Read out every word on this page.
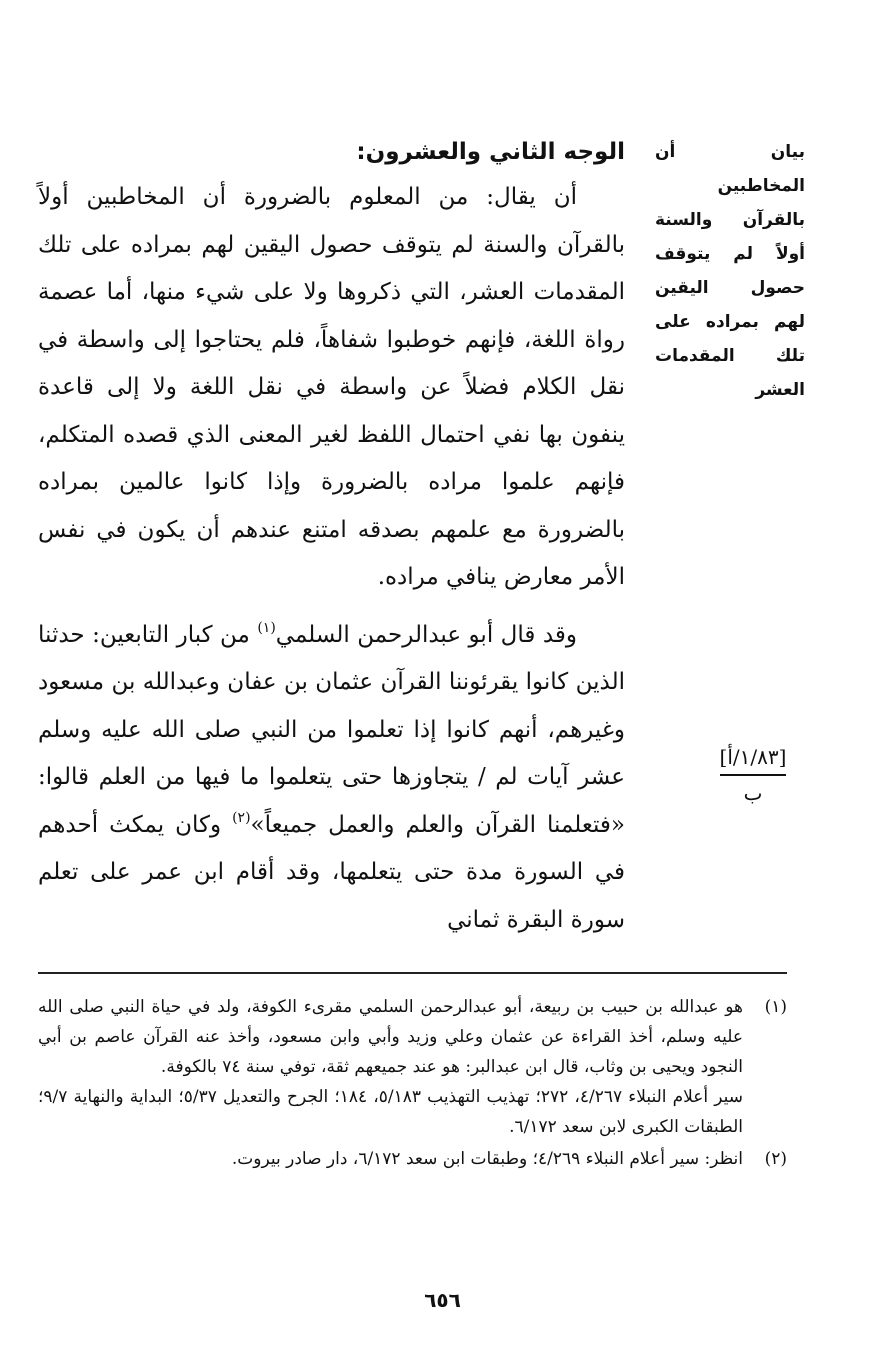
بيان أن المخاطبين بالقرآن والسنة أولاً لم يتوقف حصول اليقين لهم بمراده على تلك المقدمات العشر
[١/٨٣/أ]
ب

الوجه الثاني والعشرون:

أن يقال: من المعلوم بالضرورة أن المخاطبين أولاً بالقرآن والسنة لم يتوقف حصول اليقين لهم بمراده على تلك المقدمات العشر، التي ذكروها ولا على شيء منها، أما عصمة رواة اللغة، فإنهم خوطبوا شفاهاً، فلم يحتاجوا إلى واسطة في نقل الكلام فضلاً عن واسطة في نقل اللغة ولا إلى قاعدة ينفون بها نفي احتمال اللفظ لغير المعنى الذي قصده المتكلم، فإنهم علموا مراده بالضرورة وإذا كانوا عالمين بمراده بالضرورة مع علمهم بصدقه امتنع عندهم أن يكون في نفس الأمر معارض ينافي مراده.

وقد قال أبو عبدالرحمن السلمي$^{(١)}$ من كبار التابعين: حدثنا الذين كانوا يقرئوننا القرآن عثمان بن عفان وعبدالله بن مسعود وغيرهم، أنهم كانوا إذا تعلموا من النبي صلى الله عليه وسلم عشر آيات لم / يتجاوزها حتى يتعلموا ما فيها من العلم قالوا: «فتعلمنا القرآن والعلم والعمل جميعاً»$^{(٢)}$ وكان يمكث أحدهم في السورة مدة حتى يتعلمها، وقد أقام ابن عمر على تعلم سورة البقرة ثماني

(١)

هو عبدالله بن حبيب بن ربيعة، أبو عبدالرحمن السلمي مقرىء الكوفة، ولد في حياة النبي صلى الله عليه وسلم، أخذ القراءة عن عثمان وعلي وزيد وأبي وابن مسعود، وأخذ عنه القرآن عاصم بن أبي النجود ويحيى بن وثاب، قال ابن عبدالبر: هو عند جميعهم ثقة، توفي سنة ٧٤ بالكوفة.

سير أعلام النبلاء ٤/٢٦٧، ٢٧٢؛ تهذيب التهذيب ٥/١٨٣، ١٨٤؛ الجرح والتعديل ٥/٣٧؛ البداية والنهاية ٩/٧؛ الطبقات الكبرى لابن سعد ٦/١٧٢.

(٢)

انظر: سير أعلام النبلاء ٤/٢٦٩؛ وطبقات ابن سعد ٦/١٧٢، دار صادر بيروت.

٦٥٦
